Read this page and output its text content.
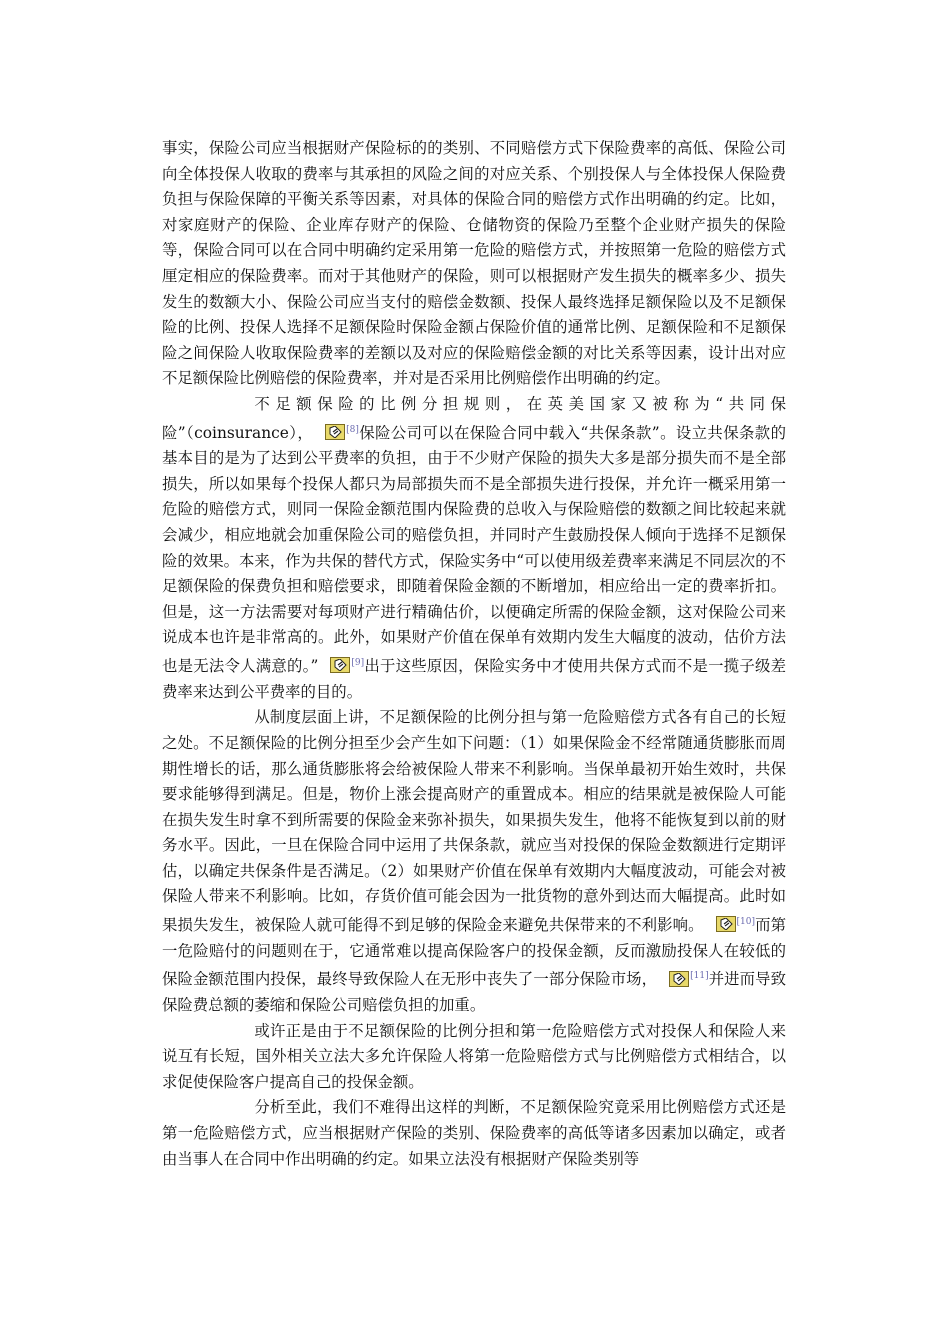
事实，保险公司应当根据财产保险标的的类别、不同赔偿方式下保险费率的高低、保险公司向全体投保人收取的费率与其承担的风险之间的对应关系、个别投保人与全体投保人保险费负担与保险保障的平衡关系等因素，对具体的保险合同的赔偿方式作出明确的约定。比如，对家庭财产的保险、企业库存财产的保险、仓储物资的保险乃至整个企业财产损失的保险等，保险合同可以在合同中明确约定采用第一危险的赔偿方式，并按照第一危险的赔偿方式厘定相应的保险费率。而对于其他财产的保险，则可以根据财产发生损失的概率多少、损失发生的数额大小、保险公司应当支付的赔偿金数额、投保人最终选择足额保险以及不足额保险的比例、投保人选择不足额保险时保险金额占保险价值的通常比例、足额保险和不足额保险之间保险人收取保险费率的差额以及对应的保险赔偿金额的对比关系等因素，设计出对应不足额保险比例赔偿的保险费率，并对是否采用比例赔偿作出明确的约定。

不足额保险的比例分担规则，在英美国家又被称为“共同保险”（coinsurance），	[8]保险公司可以在保险合同中载入“共保条款”。设立共保条款的基本目的是为了达到公平费率的负担，由于不少财产保险的损失大多是部分损失而不是全部损失，所以如果每个投保人都只为局部损失而不是全部损失进行投保，并允许一概采用第一危险的赔偿方式，则同一保险金额范围内保险费的总收入与保险赔偿的数额之间比较起来就会减少，相应地就会加重保险公司的赔偿负担，并同时产生鼓励投保人倾向于选择不足额保险的效果。本来，作为共保的替代方式，保险实务中“可以使用级差费率来满足不同层次的不足额保险的保费负担和赔偿要求，即随着保险金额的不断增加，相应给出一定的费率折扣。但是，这一方法需要对每项财产进行精确估价，以便确定所需的保险金额，这对保险公司来说成本也许是非常高的。此外，如果财产价值在保单有效期内发生大幅度的波动，估价方法也是无法令人满意的。”	[9]出于这些原因，保险实务中才使用共保方式而不是一揽子级差费率来达到公平费率的目的。

从制度层面上讲，不足额保险的比例分担与第一危险赔偿方式各有自己的长短之处。不足额保险的比例分担至少会产生如下问题：（1）如果保险金不经常随通货膨胀而周期性增长的话，那么通货膨胀将会给被保险人带来不利影响。当保单最初开始生效时，共保要求能够得到满足。但是，物价上涨会提高财产的重置成本。相应的结果就是被保险人可能在损失发生时拿不到所需要的保险金来弥补损失，如果损失发生，他将不能恢复到以前的财务水平。因此，一旦在保险合同中运用了共保条款，就应当对投保的保险金数额进行定期评估，以确定共保条件是否满足。（2）如果财产价值在保单有效期内大幅度波动，可能会对被保险人带来不利影响。比如，存货价值可能会因为一批货物的意外到达而大幅提高。此时如果损失发生，被保险人就可能得不到足够的保险金来避免共保带来的不利影响。	[10]而第一危险赔付的问题则在于，它通常难以提高保险客户的投保金额，反而激励投保人在较低的保险金额范围内投保，最终导致保险人在无形中丧失了一部分保险市场，	[11]并进而导致保险费总额的萎缩和保险公司赔偿负担的加重。

或许正是由于不足额保险的比例分担和第一危险赔偿方式对投保人和保险人来说互有长短，国外相关立法大多允许保险人将第一危险赔偿方式与比例赔偿方式相结合，以求促使保险客户提高自己的投保金额。

分析至此，我们不难得出这样的判断，不足额保险究竟采用比例赔偿方式还是第一危险赔偿方式，应当根据财产保险的类别、保险费率的高低等诸多因素加以确定，或者由当事人在合同中作出明确的约定。如果立法没有根据财产保险类别等
